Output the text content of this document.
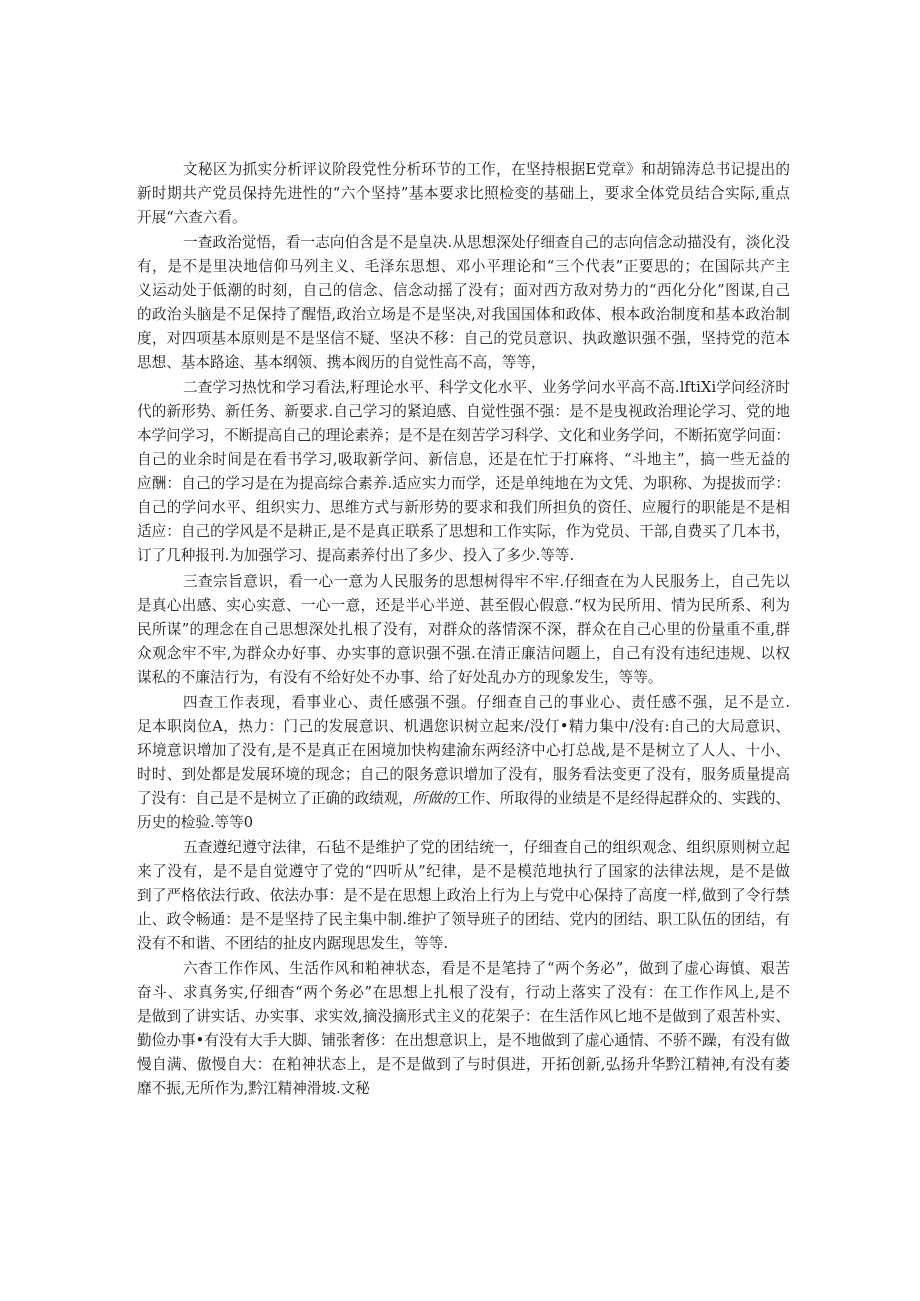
文秘区为抓实分析评议阶段党性分析环节的工作，在坚持根据E党章》和胡锦涛总书记提出的
新时期共产党员保持先进性的“六个坚持”基本要求比照检变的基础上，要求全体党员结合实际,重点
开展“六查六看。
一查政治觉悟，看一志向伯含是不是皇决.从思想深处仔细查自己的志向信念动描没有，淡化没
有，是不是里决地信仰马列主义、毛泽东思想、邓小平理论和“三个代表”正要思的；在国际共产主
义运动处于低潮的时刻，自己的信念、信念动摇了没有；面对西方敌对势力的“西化分化”图谋,自己
的政治头脑是不足保持了醒悟,政治立场是不是坚决,对我国国体和政体、根本政治制度和基本政治制
度，对四项基本原则是不是坚信不疑、坚决不移：自己的党员意识、执政邀识强不强，坚持党的范本
思想、基本路途、基本纲领、携本阀历的自觉性高不高，等等，
二查学习热忱和学习看法,籽理论水平、科学文化水平、业务学问水平高不高.lftiXi学问经济时
代的新形势、新任务、新要求.自己学习的紧迫感、自觉性强不强：是不是曳视政治理论学习、党的地
本学问学习，不断提高自己的理论素养；是不是在刻苦学习科学、文化和业务学问，不断拓宽学问面：
自己的业余时间是在看书学习,吸取新学问、新信息，还是在忙于打麻将、“斗地主”，搞一些无益的
应酬：自己的学习是在为提高综合素养.适应实力而学，还是单纯地在为文凭、为职称、为提拔而学：
自己的学问水平、组织实力、思维方式与新形势的要求和我们所担负的资任、应履行的职能是不是相
适应：自己的学风是不是耕正,是不是真正联系了思想和工作实际，作为党员、干部,自费买了几本书，
订了几种报刊.为加强学习、提高素养付出了多少、投入了多少.等等.
三查宗旨意识，看一心一意为人民服务的思想树得牢不牢.仔细查在为人民服务上，自己先以
是真心出感、实心实意、一心一意，还是半心半逆、甚至假心假意.“权为民所用、情为民所系、利为
民所谋”的理念在自己思想深处扎根了没有，对群众的落情深不深，群众在自己心里的份量重不重,群
众观念牢不牢,为群众办好事、办实事的意识强不强.在清正廉洁问题上，自己有没有违纪违规、以权
谋私的不廉洁行为，有没有不给好处不办事、给了好处乱办方的现象发生，等等。
四查工作表现，看事业心、责任感强不强。仔细查自己的事业心、责任感不强，足不是立.
足本职岗位A，热力：门己的发展意识、机遇您识树立起来/没仃•精力集中/没有:自己的大局意识、
环境意识增加了没有,是不是真正在困境加快构建渝东两经济中心打总战,是不是树立了人人、十小、
时时、到处都是发展环境的现念；自己的限务意识增加了没有，服务看法变更了没有，服务质量提高
了没有：自己是不是树立了正确的政绩观，所做的工作、所取得的业绩是不是经得起群众的、实践的、
历史的检验.等等0
五查遵纪遵守法律，石毡不是维护了党的团结统一，仔细查自己的组织观念、组织原则树立起
来了没有，是不是自觉遵守了党的“四听从”纪律，是不是模范地执行了国家的法律法规，是不是做
到了严格依法行政、依法办事：是不是在思想上政治上行为上与党中心保持了高度一样,做到了令行禁
止、政令畅通：是不是坚持了民主集中制.维护了领导班子的团结、党内的团结、职工队伍的团结，有
没有不和谐、不团结的扯皮内踞现思发生，等等.
六杳工作作风、生活作风和粕神状态，看是不是笔持了“两个务必”，做到了虚心诲慎、艰苦
奋斗、求真务实,仔细杳“两个务必”在思想上扎根了没有，行动上落实了没有：在工作作风上,是不
是做到了讲实话、办实事、求实效,摘没摘形式主义的花架子：在生活作风匕地不是做到了艰苦朴实、
勤俭办事•有没有大手大脚、铺张奢侈：在出想意识上，是不地做到了虚心通情、不骄不躁，有没有做
慢自满、傲慢自大：在粕神状态上，是不是做到了与时俱进，开拓创新,弘扬升华黔江精神,有没有萎
靡不振,无所作为,黔江精神滑坡.文秘
